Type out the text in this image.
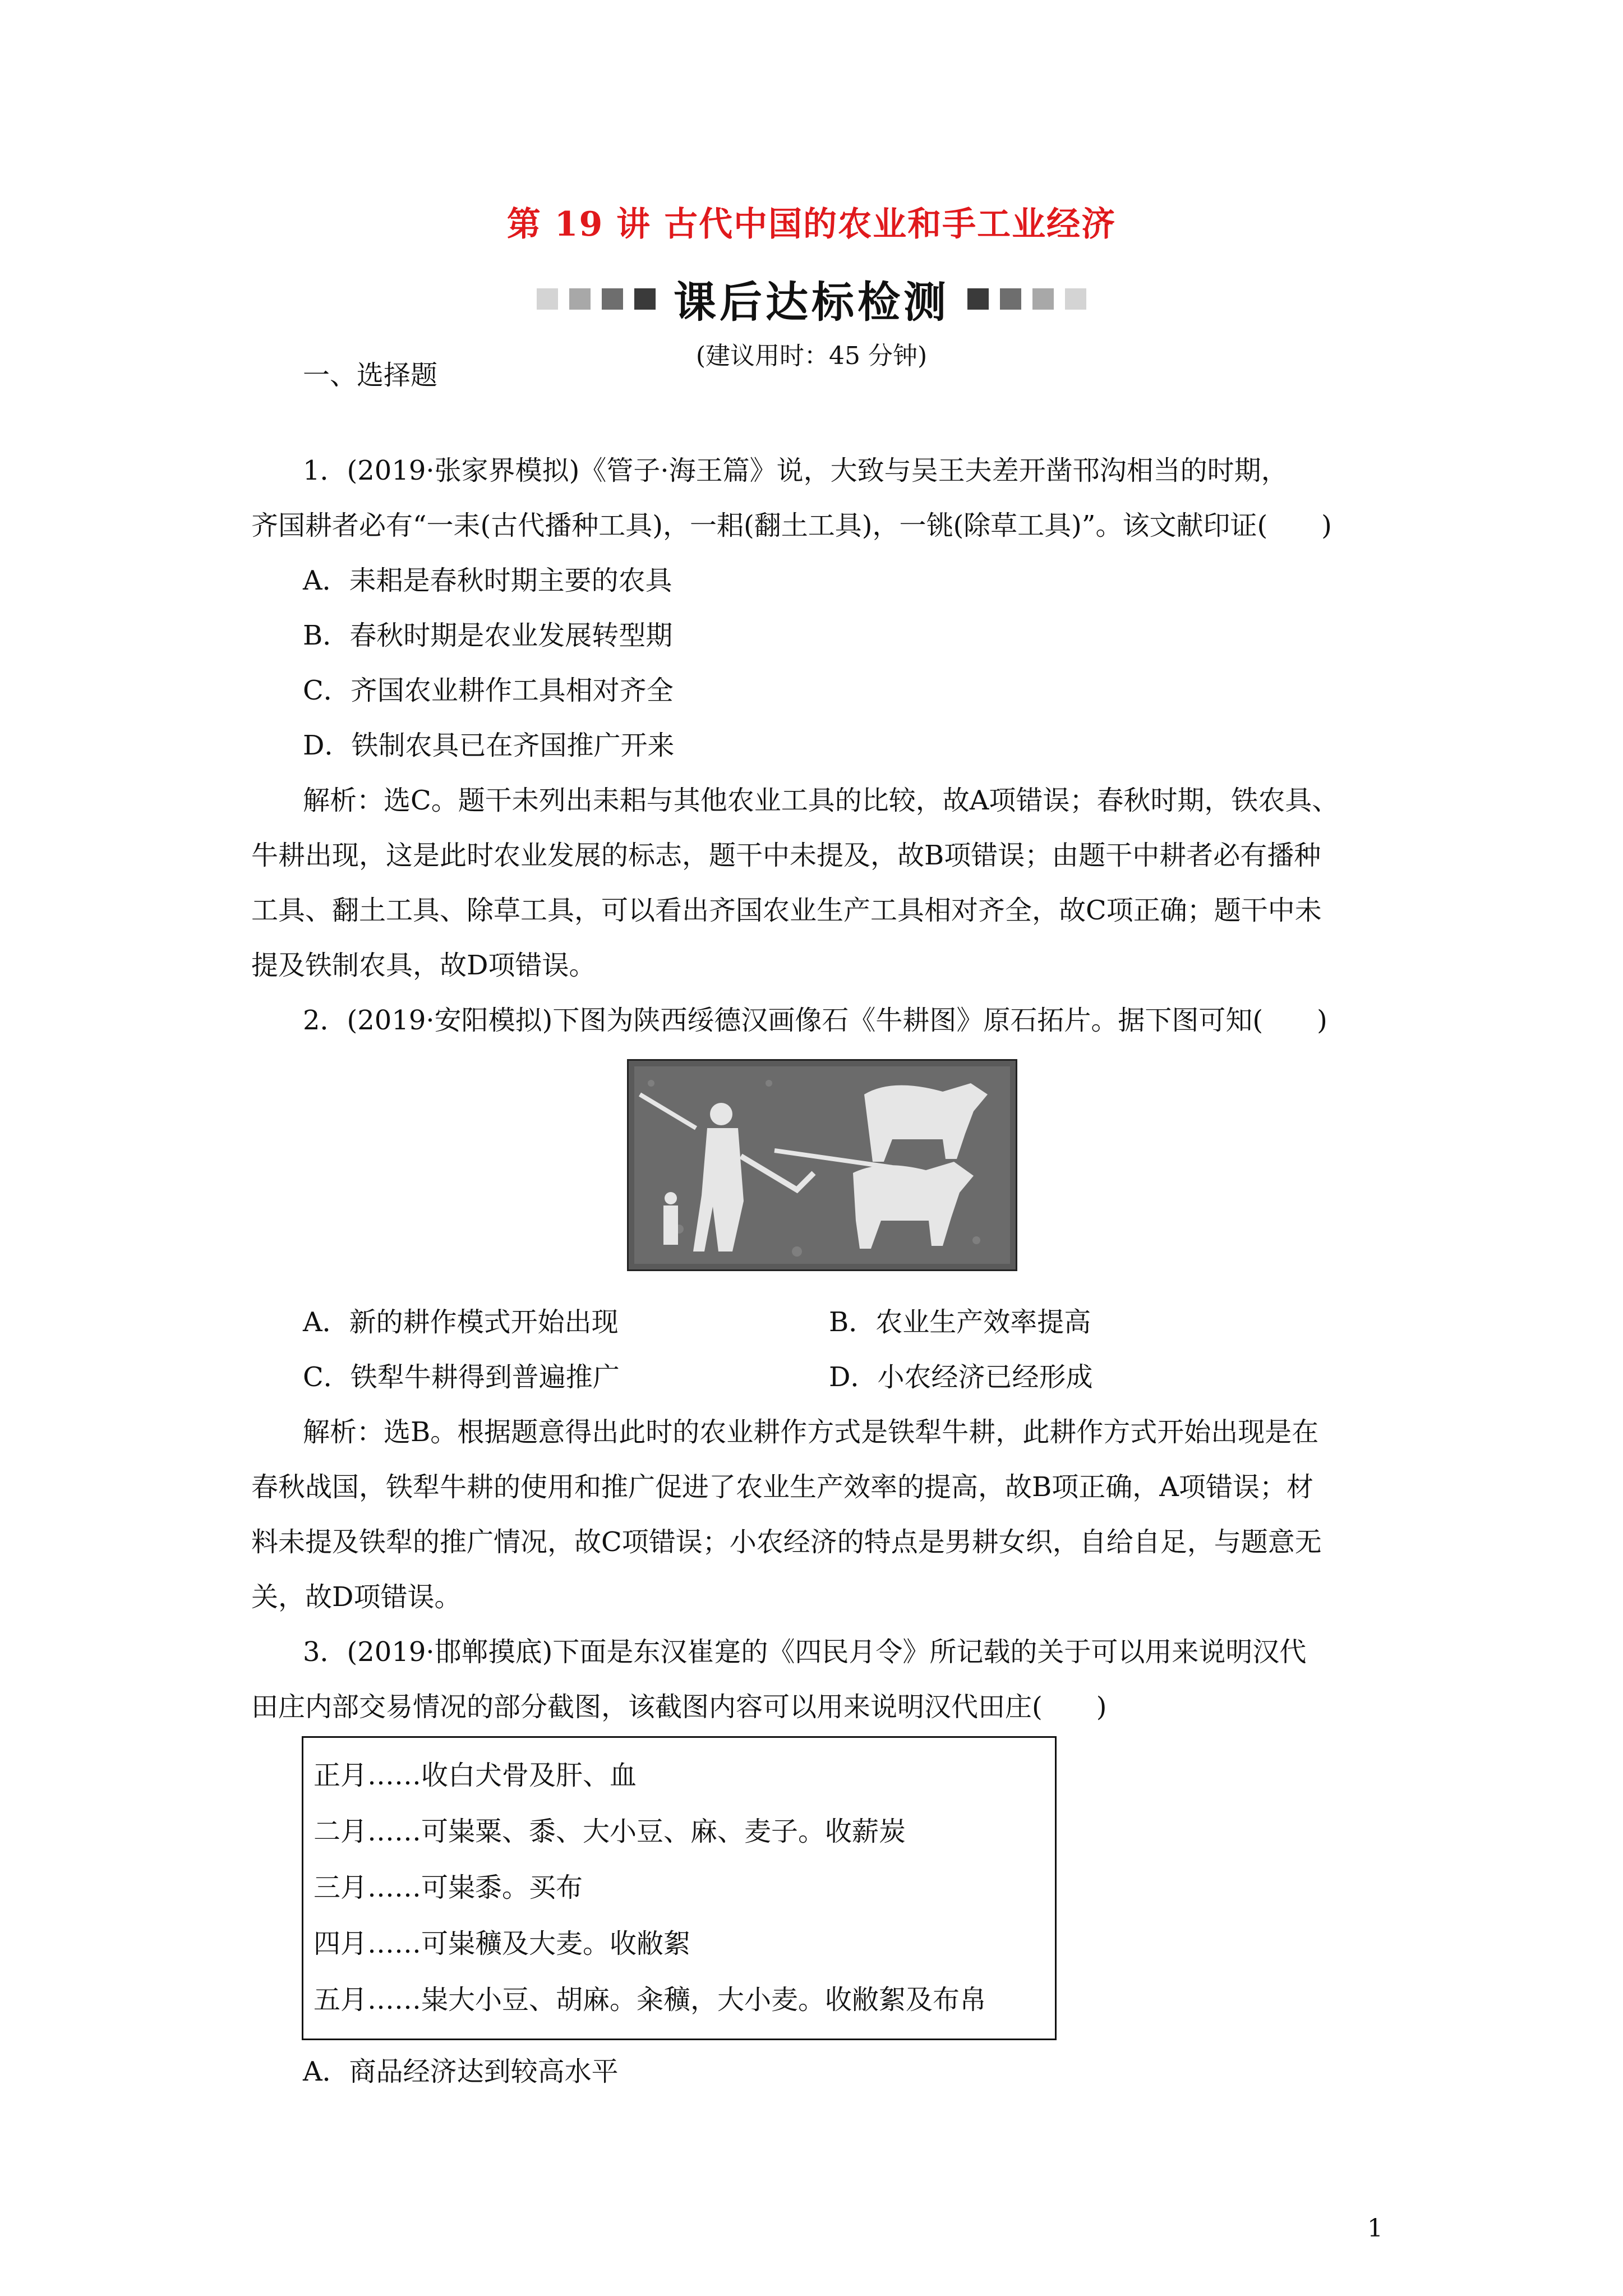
第 19 讲 古代中国的农业和手工业经济
课后达标检测
(建议用时：45 分钟)
一、选择题
1．(2019·张家界模拟)《管子·海王篇》说，大致与吴王夫差开凿邗沟相当的时期，
齐国耕者必有“一耒(古代播种工具)，一耜(翻土工具)，一铫(除草工具)”。该文献印证(　　)
A．耒耜是春秋时期主要的农具
B．春秋时期是农业发展转型期
C．齐国农业耕作工具相对齐全
D．铁制农具已在齐国推广开来
解析：选C。题干未列出耒耜与其他农业工具的比较，故A项错误；春秋时期，铁农具、
牛耕出现，这是此时农业发展的标志，题干中未提及，故B项错误；由题干中耕者必有播种
工具、翻土工具、除草工具，可以看出齐国农业生产工具相对齐全，故C项正确；题干中未
提及铁制农具，故D项错误。
2．(2019·安阳模拟)下图为陕西绥德汉画像石《牛耕图》原石拓片。据下图可知(　　)
A．新的耕作模式开始出现	B．农业生产效率提高
C．铁犁牛耕得到普遍推广	D．小农经济已经形成
解析：选B。根据题意得出此时的农业耕作方式是铁犁牛耕，此耕作方式开始出现是在
春秋战国，铁犁牛耕的使用和推广促进了农业生产效率的提高，故B项正确，A项错误；材
料未提及铁犁的推广情况，故C项错误；小农经济的特点是男耕女织，自给自足，与题意无
关，故D项错误。
3．(2019·邯郸摸底)下面是东汉崔寔的《四民月令》所记载的关于可以用来说明汉代
田庄内部交易情况的部分截图，该截图内容可以用来说明汉代田庄(　　)
正月……收白犬骨及肝、血
二月……可粜粟、黍、大小豆、麻、麦子。收薪炭
三月……可粜黍。买布
四月……可粜穬及大麦。收敝絮
五月……粜大小豆、胡麻。籴穬，大小麦。收敝絮及布帛
A．商品经济达到较高水平
1
